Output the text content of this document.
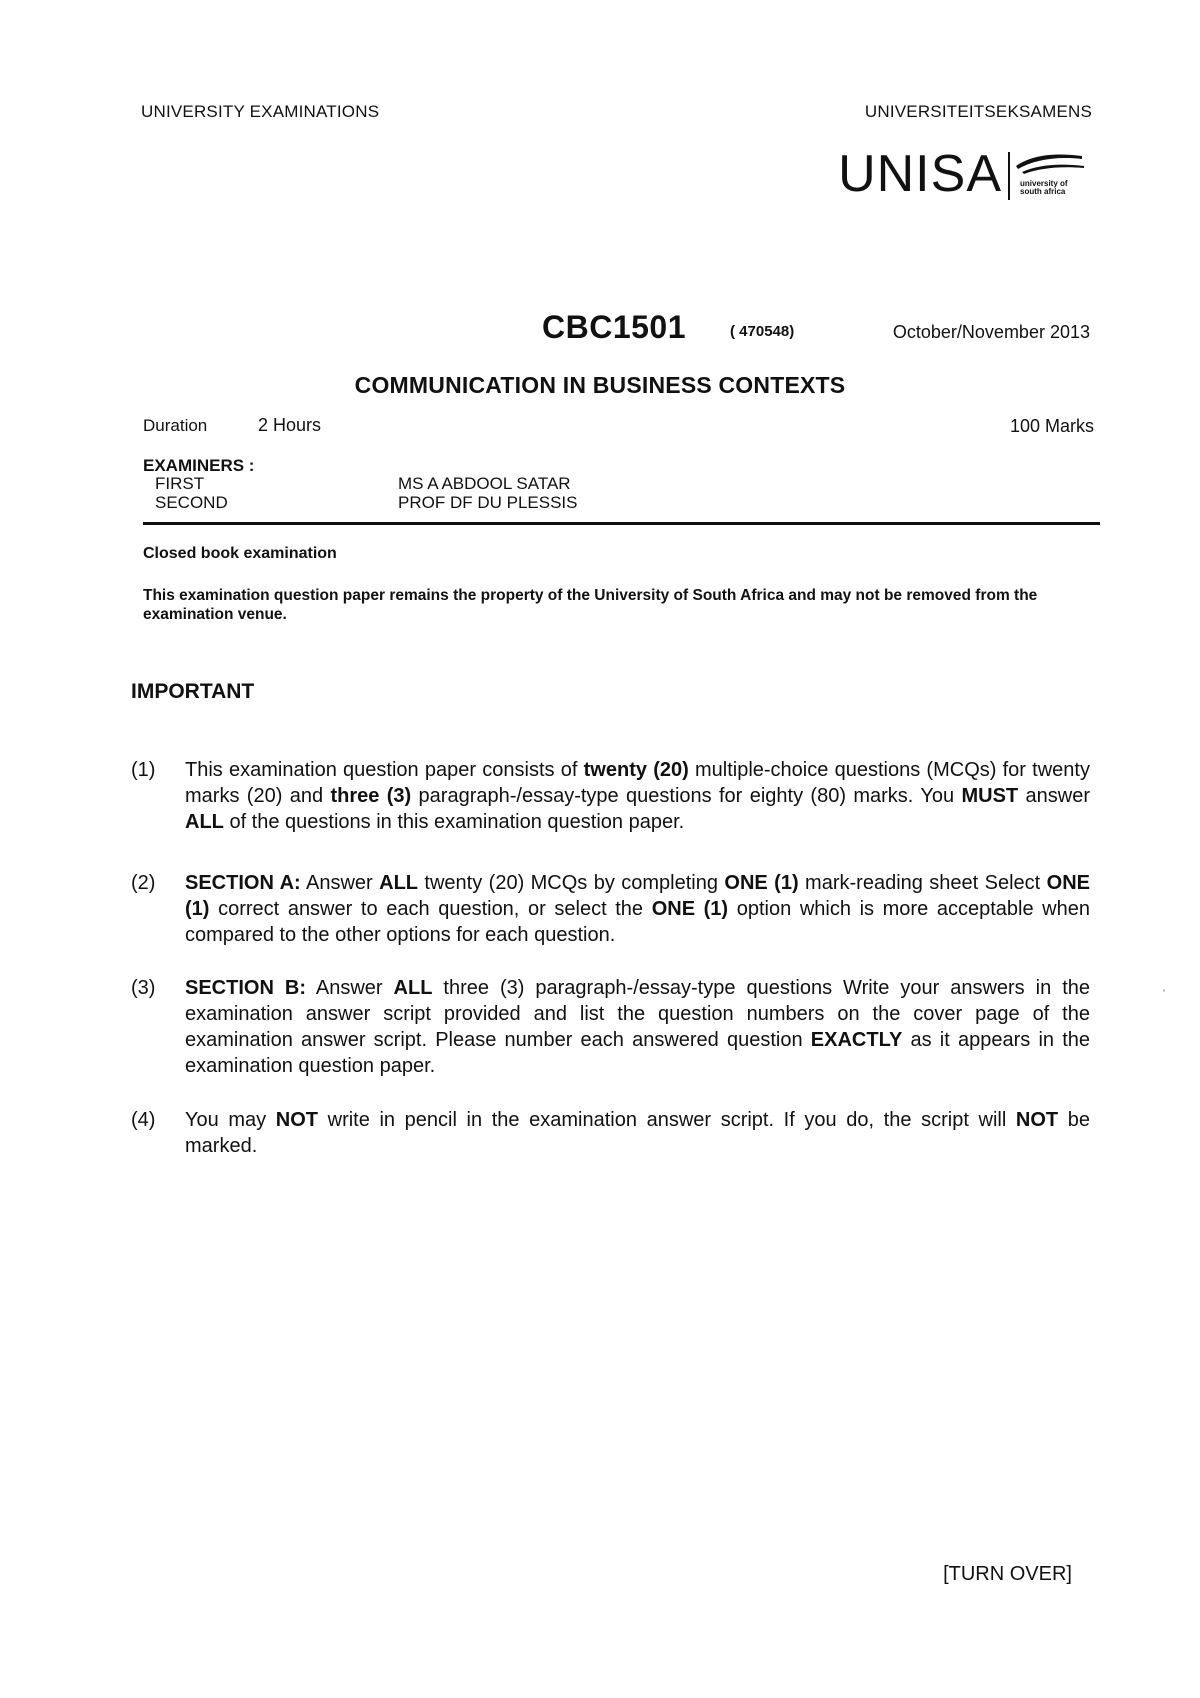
UNIVERSITY EXAMINATIONS	UNIVERSITEITSEKSAMENS
UNISA university of south africa
CBC1501	( 470548)	October/November 2013
COMMUNICATION IN BUSINESS CONTEXTS
Duration	2 Hours	100 Marks
EXAMINERS :
FIRST	MS A ABDOOL SATAR
SECOND	PROF DF DU PLESSIS
Closed book examination
This examination question paper remains the property of the University of South Africa and may not be removed from the examination venue.
IMPORTANT
(1)	This examination question paper consists of twenty (20) multiple-choice questions (MCQs) for twenty marks (20) and three (3) paragraph-/essay-type questions for eighty (80) marks. You MUST answer ALL of the questions in this examination question paper.
(2)	SECTION A: Answer ALL twenty (20) MCQs by completing ONE (1) mark-reading sheet Select ONE (1) correct answer to each question, or select the ONE (1) option which is more acceptable when compared to the other options for each question.
(3)	SECTION B: Answer ALL three (3) paragraph-/essay-type questions Write your answers in the examination answer script provided and list the question numbers on the cover page of the examination answer script. Please number each answered question EXACTLY as it appears in the examination question paper.
(4)	You may NOT write in pencil in the examination answer script. If you do, the script will NOT be marked.
‘
[TURN OVER]
